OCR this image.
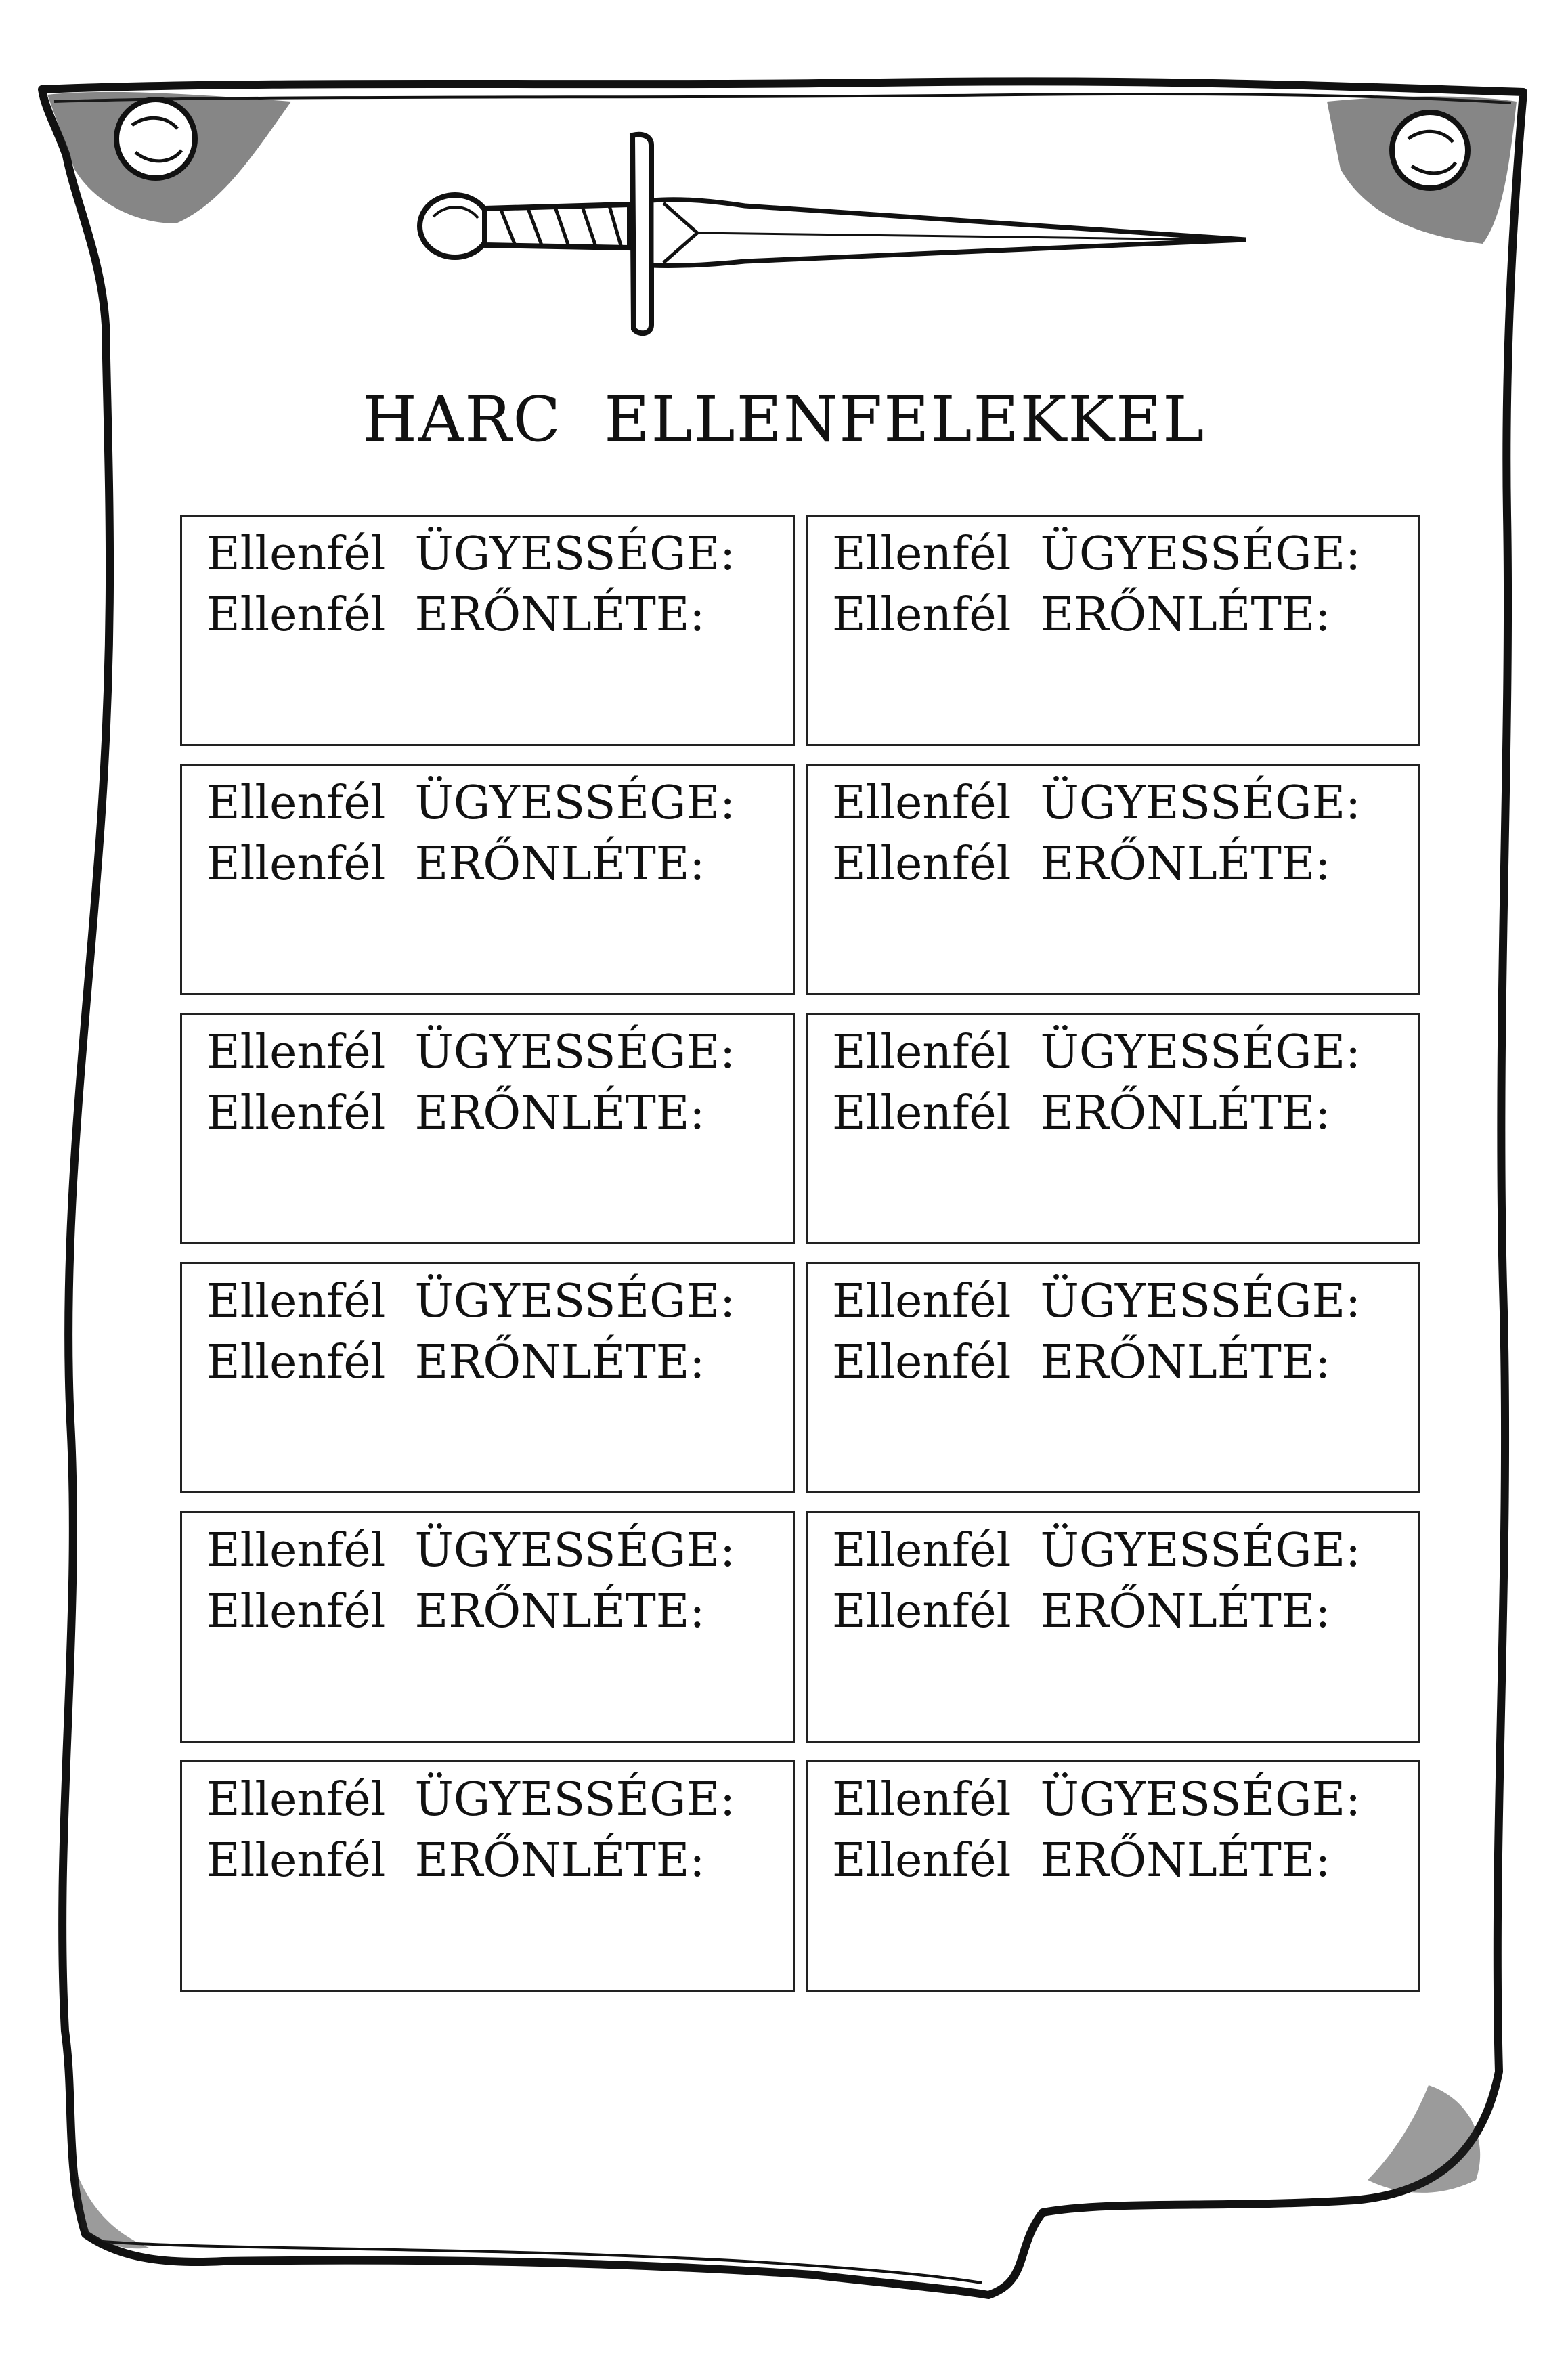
HARC  ELLENFELEKKEL
Ellenfél  ÜGYESSÉGE:
Ellenfél  ERŐNLÉTE:
Ellenfél  ÜGYESSÉGE:
Ellenfél  ERŐNLÉTE:
Ellenfél  ÜGYESSÉGE:
Ellenfél  ERŐNLÉTE:
Ellenfél  ÜGYESSÉGE:
Ellenfél  ERŐNLÉTE:
Ellenfél  ÜGYESSÉGE:
Ellenfél  ERŐNLÉTE:
Ellenfél  ÜGYESSÉGE:
Ellenfél  ERŐNLÉTE:
Ellenfél  ÜGYESSÉGE:
Ellenfél  ERŐNLÉTE:
Ellenfél  ÜGYESSÉGE:
Ellenfél  ERŐNLÉTE:
Ellenfél  ÜGYESSÉGE:
Ellenfél  ERŐNLÉTE:
Ellenfél  ÜGYESSÉGE:
Ellenfél  ERŐNLÉTE:
Ellenfél  ÜGYESSÉGE:
Ellenfél  ERŐNLÉTE:
Ellenfél  ÜGYESSÉGE:
Ellenfél  ERŐNLÉTE:
